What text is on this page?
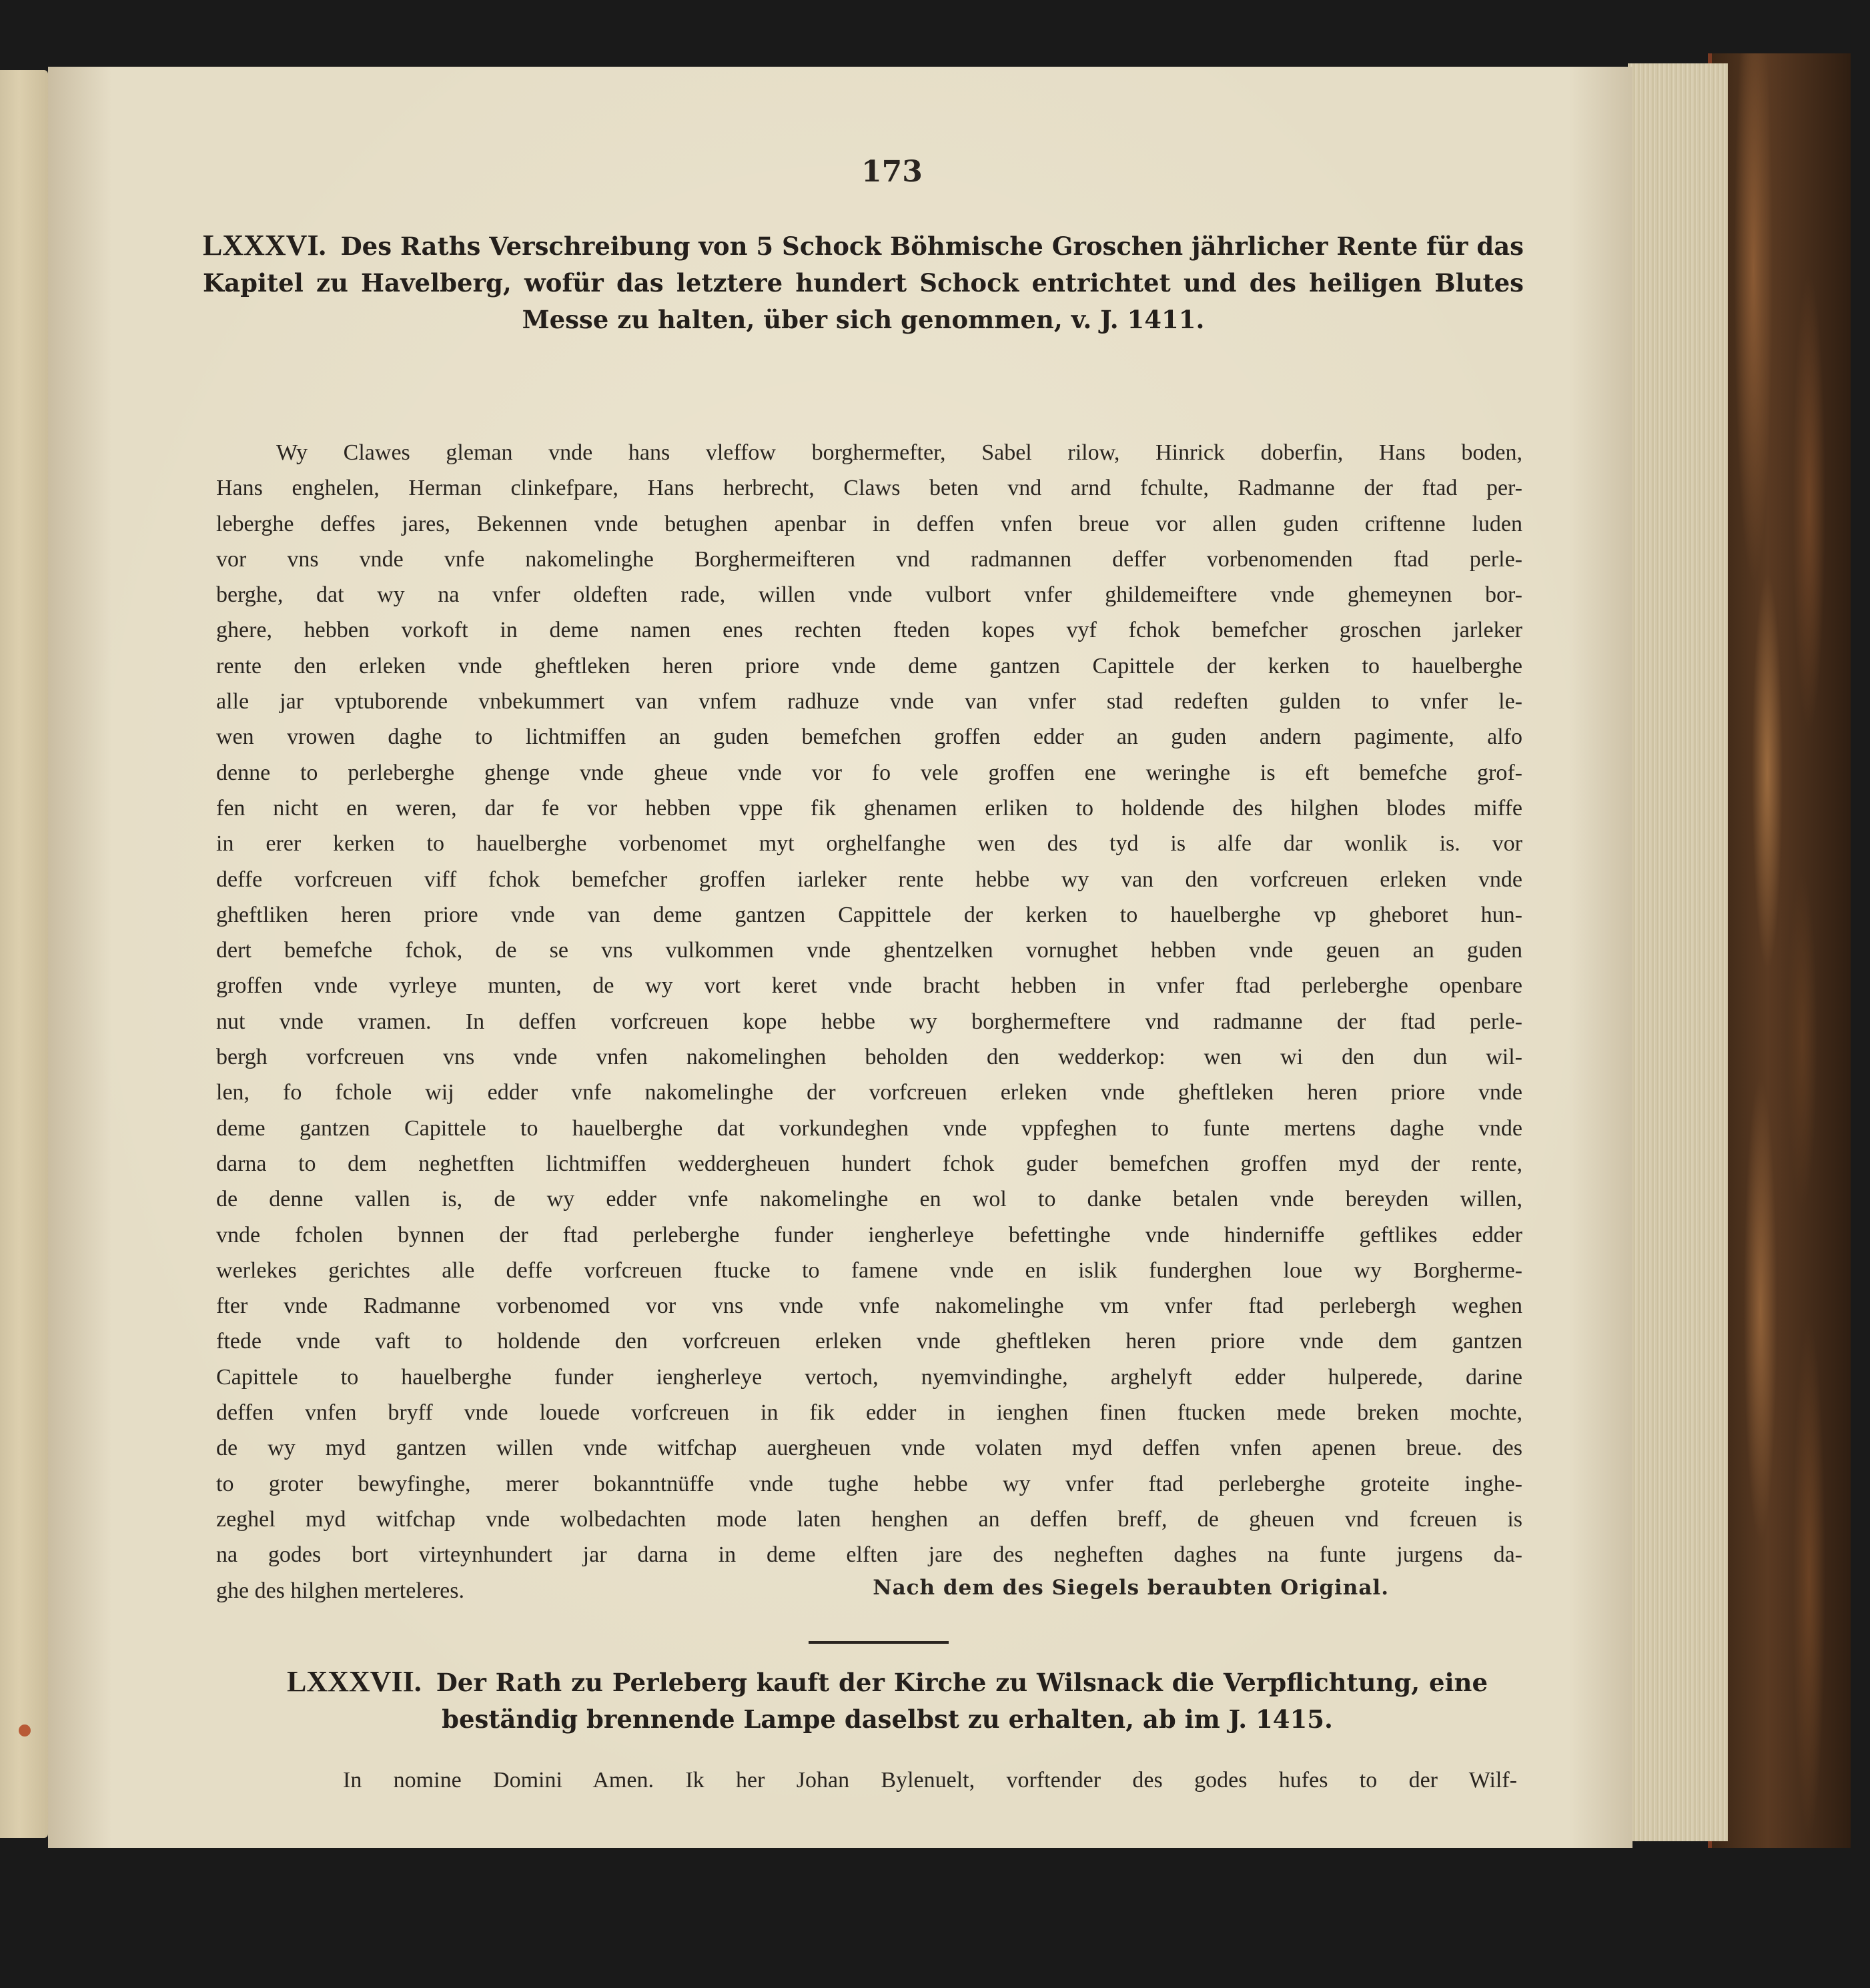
173
LXXXVI. Des Raths Verschreibung von 5 Schock Böhmische Groschen jährlicher Rente für das Kapitel zu Havelberg, wofür das letztere hundert Schock entrichtet und des heiligen Blutes Messe zu halten, über sich genommen, v. J. 1411.
Wy Clawes gleman vnde hans vleffow borghermefter, Sabel rilow, Hinrick doberfin, Hans boden,
Hans enghelen, Herman clinkefpare, Hans herbrecht, Claws beten vnd arnd fchulte, Radmanne der ftad per-
leberghe deffes jares, Bekennen vnde betughen apenbar in deffen vnfen breue vor allen guden criftenne luden
vor vns vnde vnfe nakomelinghe Borghermeifteren vnd radmannen deffer vorbenomenden ftad perle-
berghe, dat wy na vnfer oldeften rade, willen vnde vulbort vnfer ghildemeiftere vnde ghemeynen bor-
ghere, hebben vorkoft in deme namen enes rechten fteden kopes vyf fchok bemefcher groschen jarleker
rente den erleken vnde gheftleken heren priore vnde deme gantzen Capittele der kerken to hauelberghe
alle jar vptuborende vnbekummert van vnfem radhuze vnde van vnfer stad redeften gulden to vnfer le-
wen vrowen daghe to lichtmiffen an guden bemefchen groffen edder an guden andern pagimente, alfo
denne to perleberghe ghenge vnde gheue vnde vor fo vele groffen ene weringhe is eft bemefche grof-
fen nicht en weren, dar fe vor hebben vppe fik ghenamen erliken to holdende des hilghen blodes miffe
in erer kerken to hauelberghe vorbenomet myt orghelfanghe wen des tyd is alfe dar wonlik is. vor
deffe vorfcreuen viff fchok bemefcher groffen iarleker rente hebbe wy van den vorfcreuen erleken vnde
gheftliken heren priore vnde van deme gantzen Cappittele der kerken to hauelberghe vp gheboret hun-
dert bemefche fchok, de se vns vulkommen vnde ghentzelken vornughet hebben vnde geuen an guden
groffen vnde vyrleye munten, de wy vort keret vnde bracht hebben in vnfer ftad perleberghe openbare
nut vnde vramen. In deffen vorfcreuen kope hebbe wy borghermeftere vnd radmanne der ftad perle-
bergh vorfcreuen vns vnde vnfen nakomelinghen beholden den wedderkop: wen wi den dun wil-
len, fo fchole wij edder vnfe nakomelinghe der vorfcreuen erleken vnde gheftleken heren priore vnde
deme gantzen Capittele to hauelberghe dat vorkundeghen vnde vppfeghen to funte mertens daghe vnde
darna to dem neghetften lichtmiffen weddergheuen hundert fchok guder bemefchen groffen myd der rente,
de denne vallen is, de wy edder vnfe nakomelinghe en wol to danke betalen vnde bereyden willen,
vnde fcholen bynnen der ftad perleberghe funder iengherleye befettinghe vnde hinderniffe geftlikes edder
werlekes gerichtes alle deffe vorfcreuen ftucke to famene vnde en islik funderghen loue wy Borgherme-
fter vnde Radmanne vorbenomed vor vns vnde vnfe nakomelinghe vm vnfer ftad perlebergh weghen
ftede vnde vaft to holdende den vorfcreuen erleken vnde gheftleken heren priore vnde dem gantzen
Capittele to hauelberghe funder iengherleye vertoch, nyemvindinghe, arghelyft edder hulperede, darine
deffen vnfen bryff vnde louede vorfcreuen in fik edder in ienghen finen ftucken mede breken mochte,
de wy myd gantzen willen vnde witfchap auergheuen vnde volaten myd deffen vnfen apenen breue. des
to groter bewyfinghe, merer bokanntnüffe vnde tughe hebbe wy vnfer ftad perleberghe groteite inghe-
zeghel myd witfchap vnde wolbedachten mode laten henghen an deffen breff, de gheuen vnd fcreuen is
na godes bort virteynhundert jar darna in deme elften jare des negheften daghes na funte jurgens da-
ghe des hilghen merteleres.	Nach dem des Siegels beraubten Original.
LXXXVII. Der Rath zu Perleberg kauft der Kirche zu Wilsnack die Verpflichtung, eine beständig brennende Lampe daselbst zu erhalten, ab im J. 1415.
In nomine Domini Amen. Ik her Johan Bylenuelt, vorftender des godes hufes to der Wilf-
